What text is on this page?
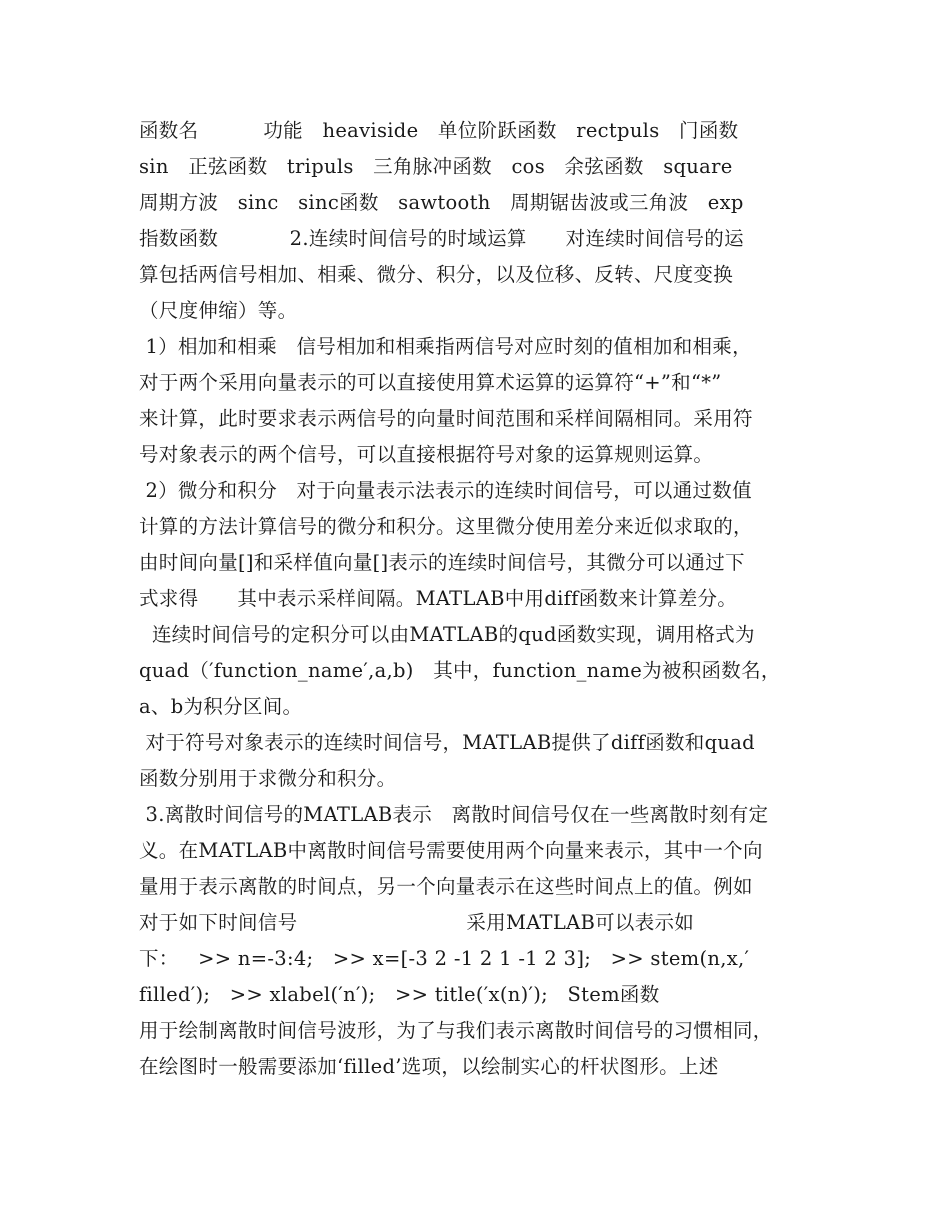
函数名          功能   heaviside   单位阶跃函数   rectpuls   门函数
sin   正弦函数   tripuls   三角脉冲函数   cos   余弦函数   square
周期方波   sinc   sinc函数   sawtooth   周期锯齿波或三角波   exp
指数函数           2.连续时间信号的时域运算      对连续时间信号的运
算包括两信号相加、相乘、微分、积分，以及位移、反转、尺度变换
（尺度伸缩）等。
1）相加和相乘   信号相加和相乘指两信号对应时刻的值相加和相乘，
对于两个采用向量表示的可以直接使用算术运算的运算符“+”和“*”
来计算，此时要求表示两信号的向量时间范围和采样间隔相同。采用符
号对象表示的两个信号，可以直接根据符号对象的运算规则运算。
2）微分和积分   对于向量表示法表示的连续时间信号，可以通过数值
计算的方法计算信号的微分和积分。这里微分使用差分来近似求取的，
由时间向量[]和采样值向量[]表示的连续时间信号，其微分可以通过下
式求得      其中表示采样间隔。MATLAB中用diff函数来计算差分。
连续时间信号的定积分可以由MATLAB的qud函数实现，调用格式为
quad（′function_name′,a,b)   其中，function_name为被积函数名，
a、b为积分区间。
对于符号对象表示的连续时间信号，MATLAB提供了diff函数和quad
函数分别用于求微分和积分。
3.离散时间信号的MATLAB表示   离散时间信号仅在一些离散时刻有定
义。在MATLAB中离散时间信号需要使用两个向量来表示，其中一个向
量用于表示离散的时间点，另一个向量表示在这些时间点上的值。例如
对于如下时间信号                          采用MATLAB可以表示如
下：   >> n=-3:4;   >> x=[-3 2 -1 2 1 -1 2 3];   >> stem(n,x,′
filled′);   >> xlabel(′n′);   >> title(′x(n)′);   Stem函数
用于绘制离散时间信号波形，为了与我们表示离散时间信号的习惯相同，
在绘图时一般需要添加‘filled’选项，以绘制实心的杆状图形。上述
